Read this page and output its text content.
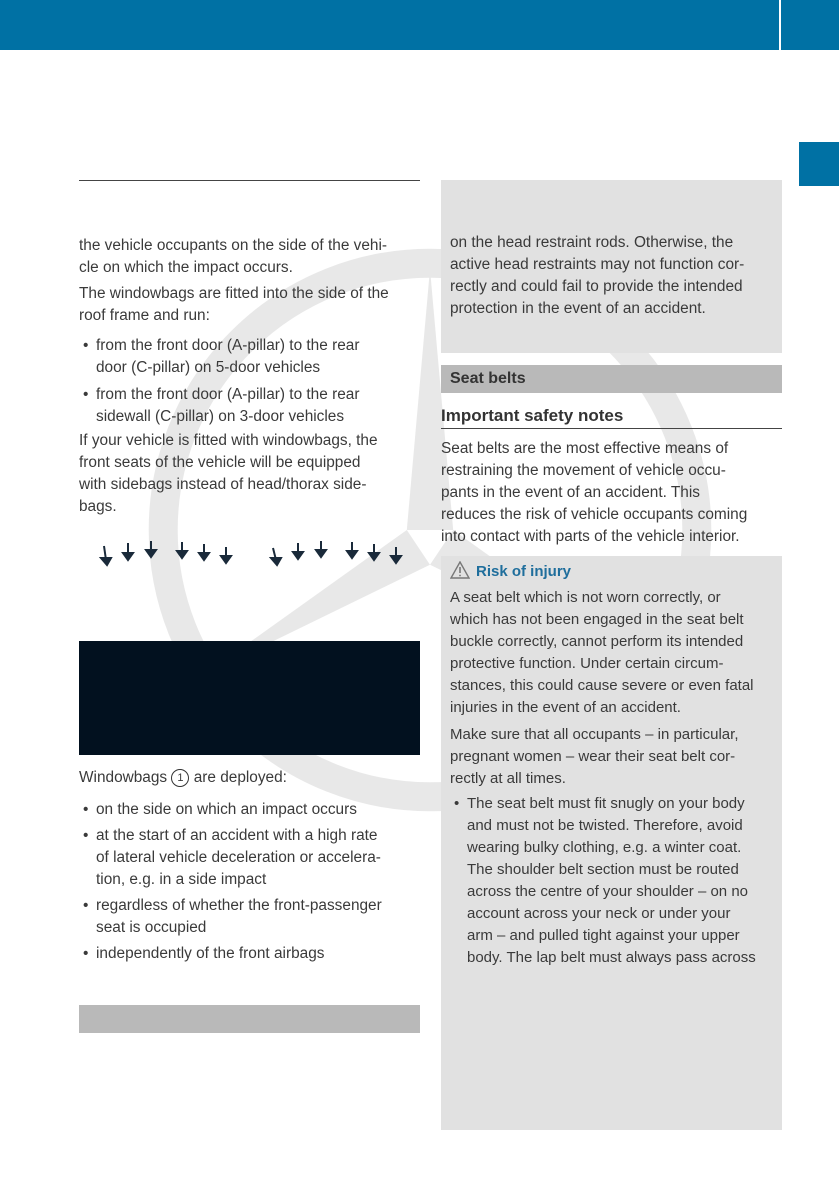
the vehicle occupants on the side of the vehi-

cle on which the impact occurs.

The windowbags are fitted into the side of the

roof frame and run:

• from the front door (A-pillar) to the rear

door (C-pillar) on 5-door vehicles

• from the front door (A-pillar) to the rear

sidewall (C-pillar) on 3-door vehicles

If your vehicle is fitted with windowbags, the

front seats of the vehicle will be equipped

with sidebags instead of head/thorax side-

bags.

Windowbags 1 are deployed:

• on the side on which an impact occurs

• at the start of an accident with a high rate

of lateral vehicle deceleration or accelera-

tion, e.g. in a side impact

• regardless of whether the front-passenger

seat is occupied

• independently of the front airbags

on the head restraint rods. Otherwise, the

active head restraints may not function cor-

rectly and could fail to provide the intended

protection in the event of an accident.

Seat belts
Important safety notes

Seat belts are the most effective means of

restraining the movement of vehicle occu-

pants in the event of an accident. This

reduces the risk of vehicle occupants coming

into contact with parts of the vehicle interior.

Risk of injury

A seat belt which is not worn correctly, or

which has not been engaged in the seat belt

buckle correctly, cannot perform its intended

protective function. Under certain circum-

stances, this could cause severe or even fatal

injuries in the event of an accident.

Make sure that all occupants – in particular,

pregnant women – wear their seat belt cor-

rectly at all times.

• The seat belt must fit snugly on your body

and must not be twisted. Therefore, avoid

wearing bulky clothing, e.g. a winter coat.

The shoulder belt section must be routed

across the centre of your shoulder – on no

account across your neck or under your

arm – and pulled tight against your upper

body. The lap belt must always pass across
